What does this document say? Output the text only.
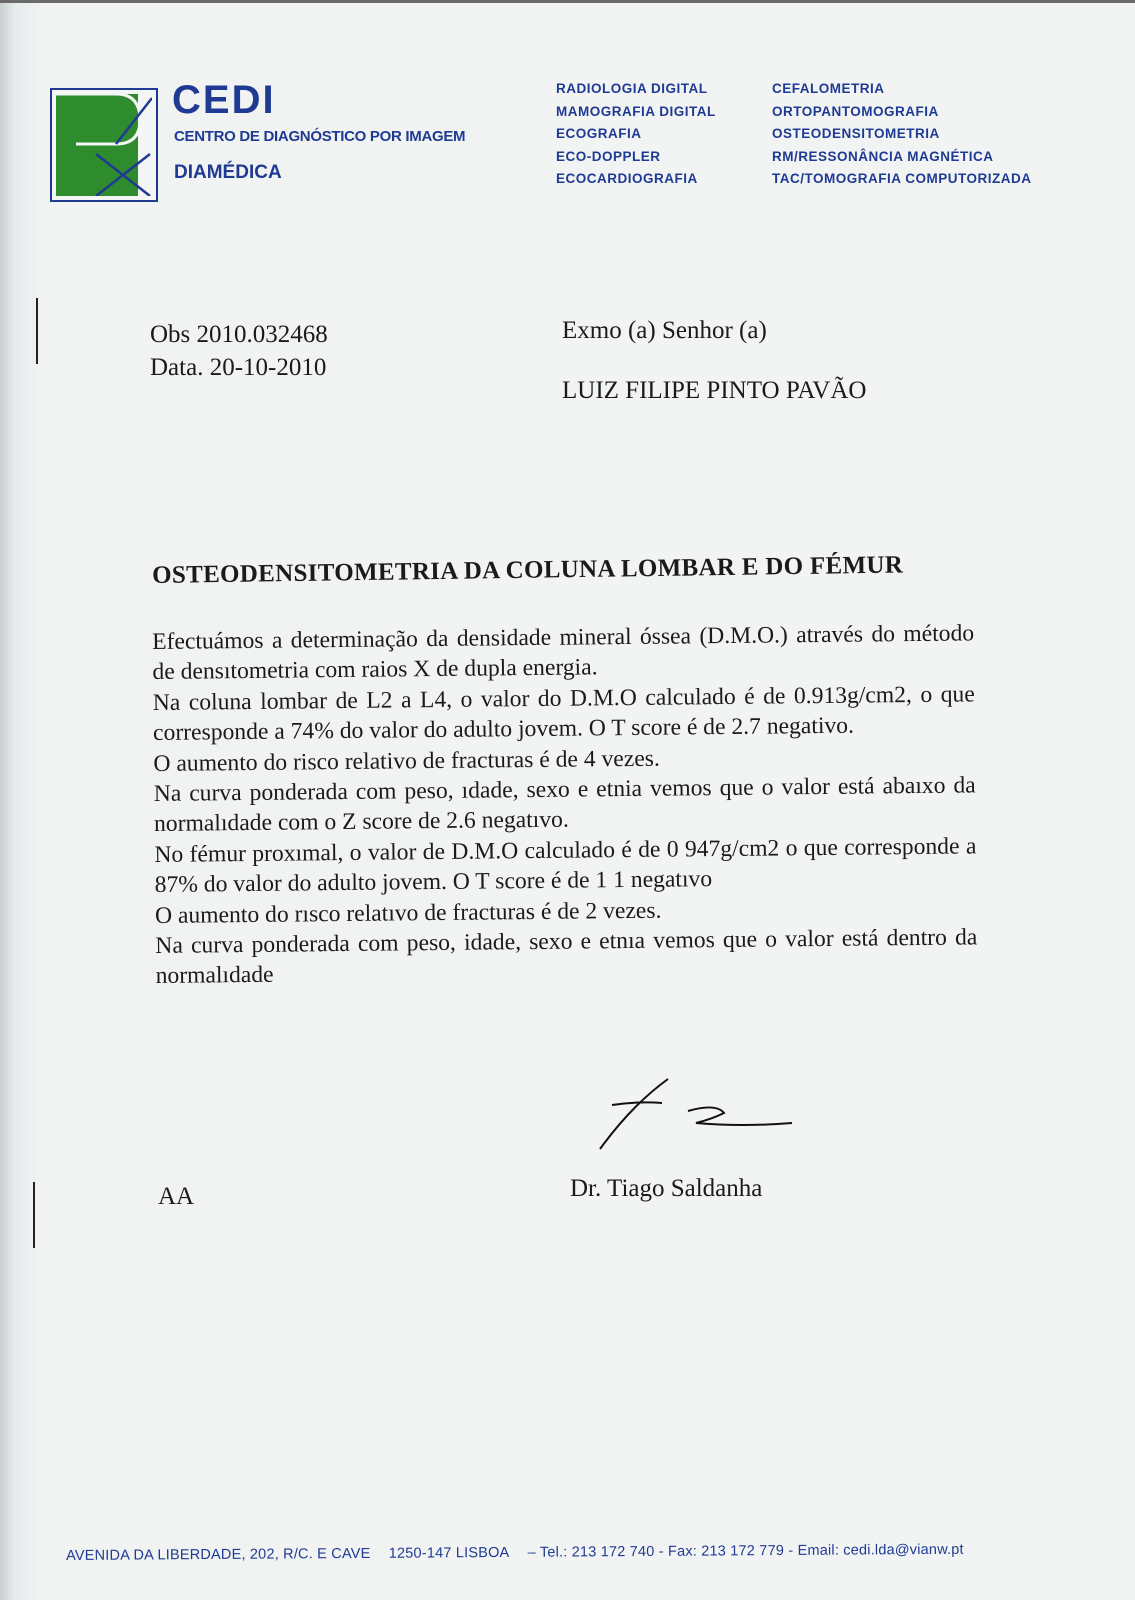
CEDI
CENTRO DE DIAGNÓSTICO POR IMAGEM
DIAMÉDICA
RADIOLOGIA DIGITAL
MAMOGRAFIA DIGITAL
ECOGRAFIA
ECO-DOPPLER
ECOCARDIOGRAFIA
CEFALOMETRIA
ORTOPANTOMOGRAFIA
OSTEODENSITOMETRIA
RM/RESSONÂNCIA MAGNÉTICA
TAC/TOMOGRAFIA COMPUTORIZADA
Obs 2010.032468
Data. 20-10-2010
Exmo (a) Senhor (a)
LUIZ FILIPE PINTO PAVÃO
OSTEODENSITOMETRIA DA COLUNA LOMBAR E DO FÉMUR

Efectuámos a determinação da densidade mineral óssea (D.M.O.) através do método de densıtometria com raios X de dupla energia.

Na coluna lombar de L2 a L4, o valor do D.M.O calculado é de 0.913g/cm2, o que corresponde a 74% do valor do adulto jovem. O T score é de 2.7 negativo.

O aumento do risco relativo de fracturas é de 4 vezes.

Na curva ponderada com peso, ıdade, sexo e etnia vemos que o valor está abaıxo da normalıdade com o Z score de 2.6 negatıvo.

No fémur proxımal, o valor de D.M.O calculado é de 0 947g/cm2 o que corresponde a 87% do valor do adulto jovem. O T score é de 1 1 negatıvo

O aumento do rısco relatıvo de fracturas é de 2 vezes.

Na curva ponderada com peso, idade, sexo e etnıa vemos que o valor está dentro da normalıdade

AA	Dr. Tiago Saldanha
AVENIDA DA LIBERDADE, 202, R/C. E CAVE 1250-147 LISBOA – Tel.: 213 172 740 - Fax: 213 172 779 - Email: cedi.lda@vianw.pt
